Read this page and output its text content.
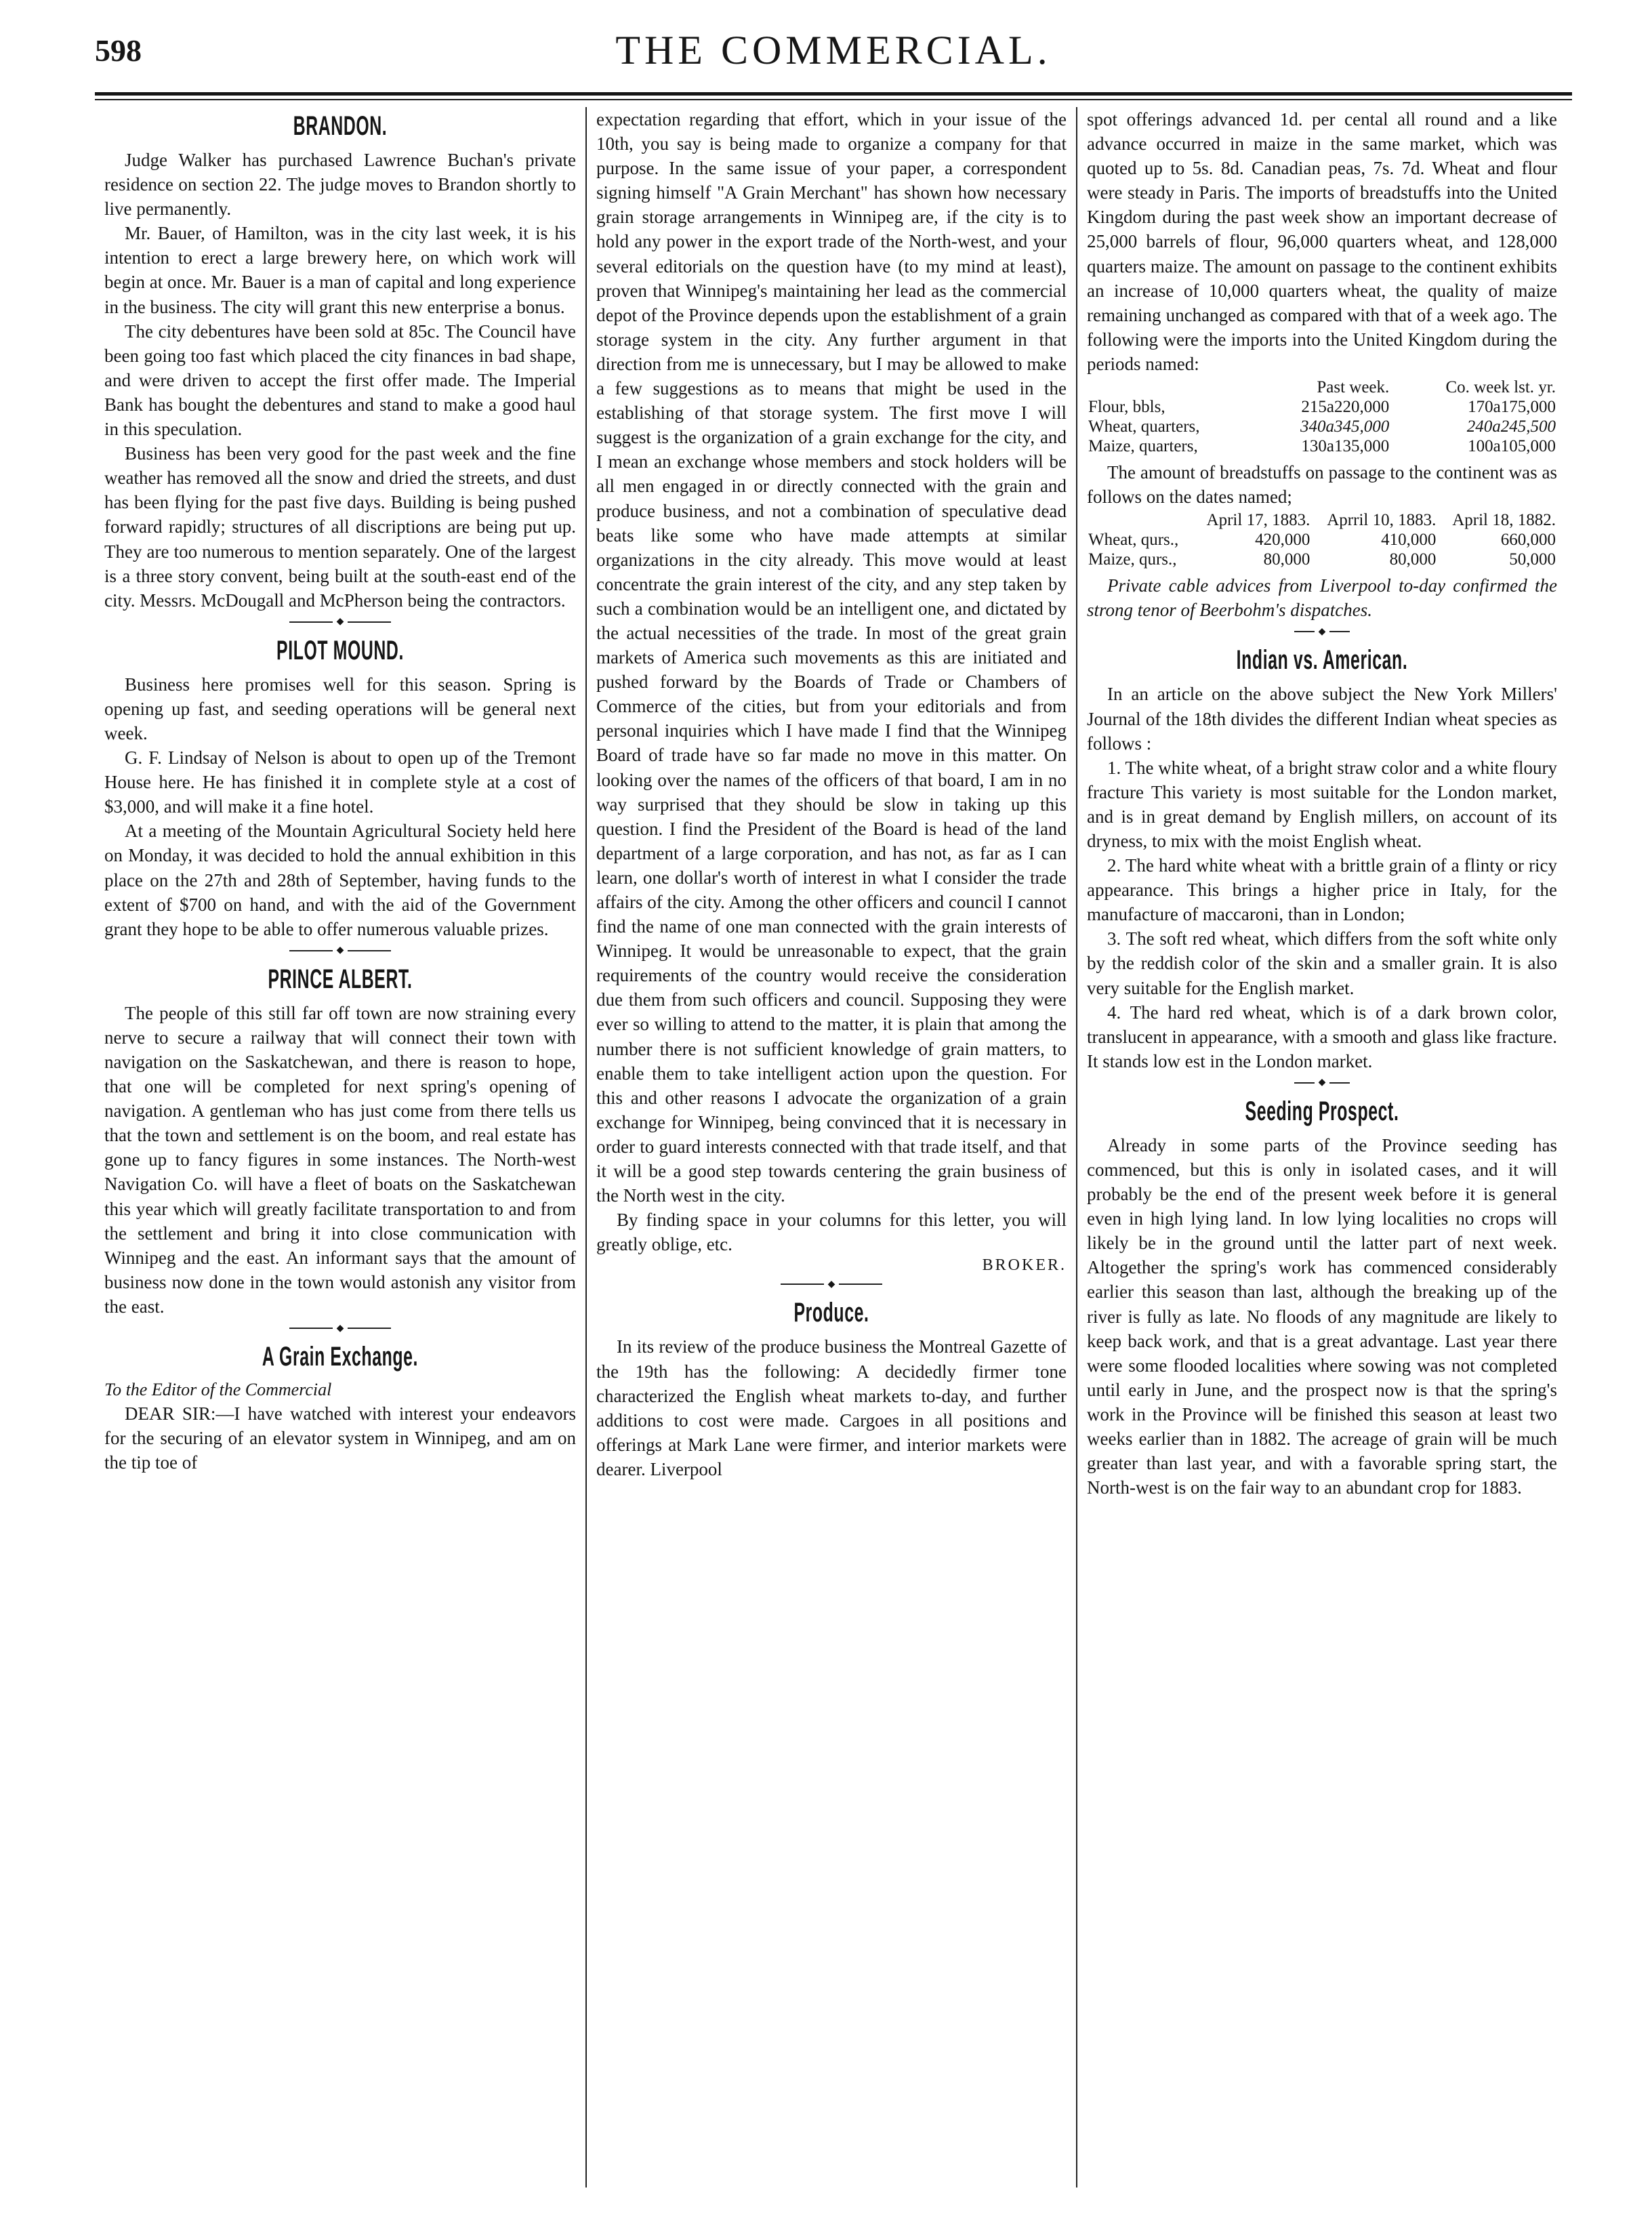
598	THE COMMERCIAL.
BRANDON.

Judge Walker has purchased Lawrence Buchan's private residence on section 22. The judge moves to Brandon shortly to live permanently.

Mr. Bauer, of Hamilton, was in the city last week, it is his intention to erect a large brewery here, on which work will begin at once. Mr. Bauer is a man of capital and long experience in the business. The city will grant this new enterprise a bonus.

The city debentures have been sold at 85c. The Council have been going too fast which placed the city finances in bad shape, and were driven to accept the first offer made. The Imperial Bank has bought the debentures and stand to make a good haul in this speculation.

Business has been very good for the past week and the fine weather has removed all the snow and dried the streets, and dust has been flying for the past five days. Building is being pushed forward rapidly; structures of all discriptions are being put up. They are too numerous to mention separately. One of the largest is a three story convent, being built at the south-east end of the city. Messrs. McDougall and McPherson being the contractors.

◆
PILOT MOUND.

Business here promises well for this season. Spring is opening up fast, and seeding operations will be general next week.

G. F. Lindsay of Nelson is about to open up of the Tremont House here. He has finished it in complete style at a cost of $3,000, and will make it a fine hotel.

At a meeting of the Mountain Agricultural Society held here on Monday, it was decided to hold the annual exhibition in this place on the 27th and 28th of September, having funds to the extent of $700 on hand, and with the aid of the Government grant they hope to be able to offer numerous valuable prizes.

◆
PRINCE ALBERT.

The people of this still far off town are now straining every nerve to secure a railway that will connect their town with navigation on the Saskatchewan, and there is reason to hope, that one will be completed for next spring's opening of navigation. A gentleman who has just come from there tells us that the town and settlement is on the boom, and real estate has gone up to fancy figures in some instances. The North-west Navigation Co. will have a fleet of boats on the Saskatchewan this year which will greatly facilitate transportation to and from the settlement and bring it into close communication with Winnipeg and the east. An informant says that the amount of business now done in the town would astonish any visitor from the east.

◆
A Grain Exchange.
To the Editor of the Commercial

DEAR SIR:—I have watched with interest your endeavors for the securing of an elevator system in Winnipeg, and am on the tip toe of

expectation regarding that effort, which in your issue of the 10th, you say is being made to organize a company for that purpose. In the same issue of your paper, a correspondent signing himself "A Grain Merchant" has shown how necessary grain storage arrangements in Winnipeg are, if the city is to hold any power in the export trade of the North-west, and your several editorials on the question have (to my mind at least), proven that Winnipeg's maintaining her lead as the commercial depot of the Province depends upon the establishment of a grain storage system in the city. Any further argument in that direction from me is unnecessary, but I may be allowed to make a few suggestions as to means that might be used in the establishing of that storage system. The first move I will suggest is the organization of a grain exchange for the city, and I mean an exchange whose members and stock holders will be all men engaged in or directly connected with the grain and produce business, and not a combination of speculative dead beats like some who have made attempts at similar organizations in the city already. This move would at least concentrate the grain interest of the city, and any step taken by such a combination would be an intelligent one, and dictated by the actual necessities of the trade. In most of the great grain markets of America such movements as this are initiated and pushed forward by the Boards of Trade or Chambers of Commerce of the cities, but from your editorials and from personal inquiries which I have made I find that the Winnipeg Board of trade have so far made no move in this matter. On looking over the names of the officers of that board, I am in no way surprised that they should be slow in taking up this question. I find the President of the Board is head of the land department of a large corporation, and has not, as far as I can learn, one dollar's worth of interest in what I consider the trade affairs of the city. Among the other officers and council I cannot find the name of one man connected with the grain interests of Winnipeg. It would be unreasonable to expect, that the grain requirements of the country would receive the consideration due them from such officers and council. Supposing they were ever so willing to attend to the matter, it is plain that among the number there is not sufficient knowledge of grain matters, to enable them to take intelligent action upon the question. For this and other reasons I advocate the organization of a grain exchange for Winnipeg, being convinced that it is necessary in order to guard interests connected with that trade itself, and that it will be a good step towards centering the grain business of the North west in the city.

By finding space in your columns for this letter, you will greatly oblige, etc.

BROKER.
◆
Produce.

In its review of the produce business the Montreal Gazette of the 19th has the following: A decidedly firmer tone characterized the English wheat markets to-day, and further additions to cost were made. Cargoes in all positions and offerings at Mark Lane were firmer, and interior markets were dearer. Liverpool

spot offerings advanced 1d. per cental all round and a like advance occurred in maize in the same market, which was quoted up to 5s. 8d. Canadian peas, 7s. 7d. Wheat and flour were steady in Paris. The imports of breadstuffs into the United Kingdom during the past week show an important decrease of 25,000 barrels of flour, 96,000 quarters wheat, and 128,000 quarters maize. The amount on passage to the continent exhibits an increase of 10,000 quarters wheat, the quality of maize remaining unchanged as compared with that of a week ago. The following were the imports into the United Kingdom during the periods named:

	Past week.	Co. week lst. yr.
Flour, bbls,	215a220,000	170a175,000
Wheat, quarters,	340a345,000	240a245,500
Maize, quarters,	130a135,000	100a105,000

The amount of breadstuffs on passage to the continent was as follows on the dates named;

	April 17, 1883.	Aprril 10, 1883.	April 18, 1882.
Wheat, qurs.,	420,000	410,000	660,000
Maize, qurs.,	80,000	80,000	50,000

Private cable advices from Liverpool to-day confirmed the strong tenor of Beerbohm's dispatches.

◆
Indian vs. American.

In an article on the above subject the New York Millers' Journal of the 18th divides the different Indian wheat species as follows :

1. The white wheat, of a bright straw color and a white floury fracture This variety is most suitable for the London market, and is in great demand by English millers, on account of its dryness, to mix with the moist English wheat.

2. The hard white wheat with a brittle grain of a flinty or ricy appearance. This brings a higher price in Italy, for the manufacture of maccaroni, than in London;

3. The soft red wheat, which differs from the soft white only by the reddish color of the skin and a smaller grain. It is also very suitable for the English market.

4. The hard red wheat, which is of a dark brown color, translucent in appearance, with a smooth and glass like fracture. It stands low est in the London market.

◆
Seeding Prospect.

Already in some parts of the Province seeding has commenced, but this is only in isolated cases, and it will probably be the end of the present week before it is general even in high lying land. In low lying localities no crops will likely be in the ground until the latter part of next week. Altogether the spring's work has commenced considerably earlier this season than last, although the breaking up of the river is fully as late. No floods of any magnitude are likely to keep back work, and that is a great advantage. Last year there were some flooded localities where sowing was not completed until early in June, and the prospect now is that the spring's work in the Province will be finished this season at least two weeks earlier than in 1882. The acreage of grain will be much greater than last year, and with a favorable spring start, the North-west is on the fair way to an abundant crop for 1883.
